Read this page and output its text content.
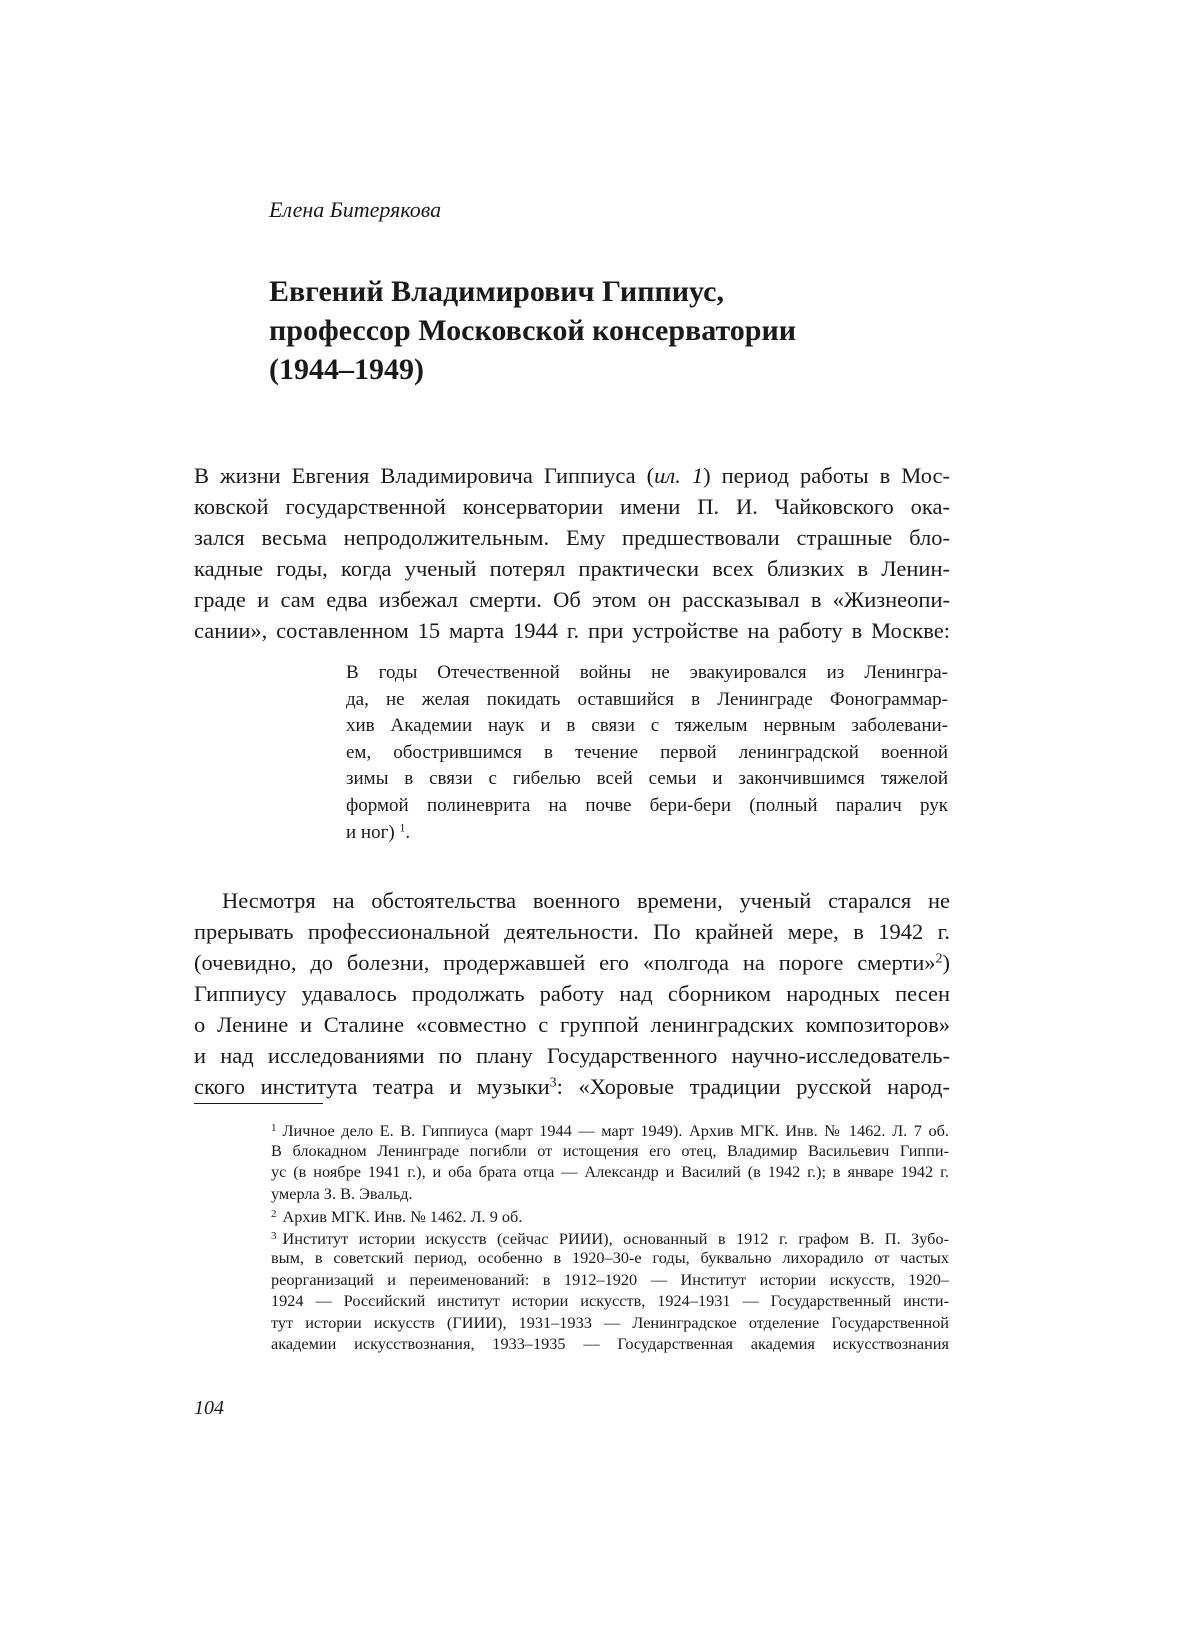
Елена Битерякова
Евгений Владимирович Гиппиус,
профессор Московской консерватории
(1944–1949)
В жизни Евгения Владимировича Гиппиуса (ил. 1) период работы в Мос-
ковской государственной консерватории имени П. И. Чайковского ока-
зался весьма непродолжительным. Ему предшествовали страшные бло-
кадные годы, когда ученый потерял практически всех близких в Ленин-
граде и сам едва избежал смерти. Об этом он рассказывал в «Жизнеопи-
сании», составленном 15 марта 1944 г. при устройстве на работу в Москве:
В годы Отечественной войны не эвакуировался из Ленингра-
да, не желая покидать оставшийся в Ленинграде Фонограммар-
хив Академии наук и в связи с тяжелым нервным заболевани-
ем, обострившимся в течение первой ленинградской военной
зимы в связи с гибелью всей семьи и закончившимся тяжелой
формой полиневрита на почве бери-бери (полный паралич рук
и ног) $^1$.
Несмотря на обстоятельства военного времени, ученый старался не
прерывать профессиональной деятельности. По крайней мере, в 1942 г.
(очевидно, до болезни, продержавшей его «полгода на пороге смерти»$^2$)
Гиппиусу удавалось продолжать работу над сборником народных песен
о Ленине и Сталине «совместно с группой ленинградских композиторов»
и над исследованиями по плану Государственного научно-исследователь-
ского института театра и музыки$^3$: «Хоровые традиции русской народ-
$^1$ Личное дело Е. В. Гиппиуса (март 1944 — март 1949). Архив МГК. Инв. № 1462. Л. 7 об.
В блокадном Ленинграде погибли от истощения его отец, Владимир Васильевич Гиппи-
ус (в ноябре 1941 г.), и оба брата отца — Александр и Василий (в 1942 г.); в январе 1942 г.
умерла З. В. Эвальд.
$^2$ Архив МГК. Инв. № 1462. Л. 9 об.
$^3$ Институт истории искусств (сейчас РИИИ), основанный в 1912 г. графом В. П. Зубо-
вым, в советский период, особенно в 1920–30-е годы, буквально лихорадило от частых
реорганизаций и переименований: в 1912–1920 — Институт истории искусств, 1920–
1924 — Российский институт истории искусств, 1924–1931 — Государственный инсти-
тут истории искусств (ГИИИ), 1931–1933 — Ленинградское отделение Государственной
академии искусствознания, 1933–1935 — Государственная академия искусствознания
104
